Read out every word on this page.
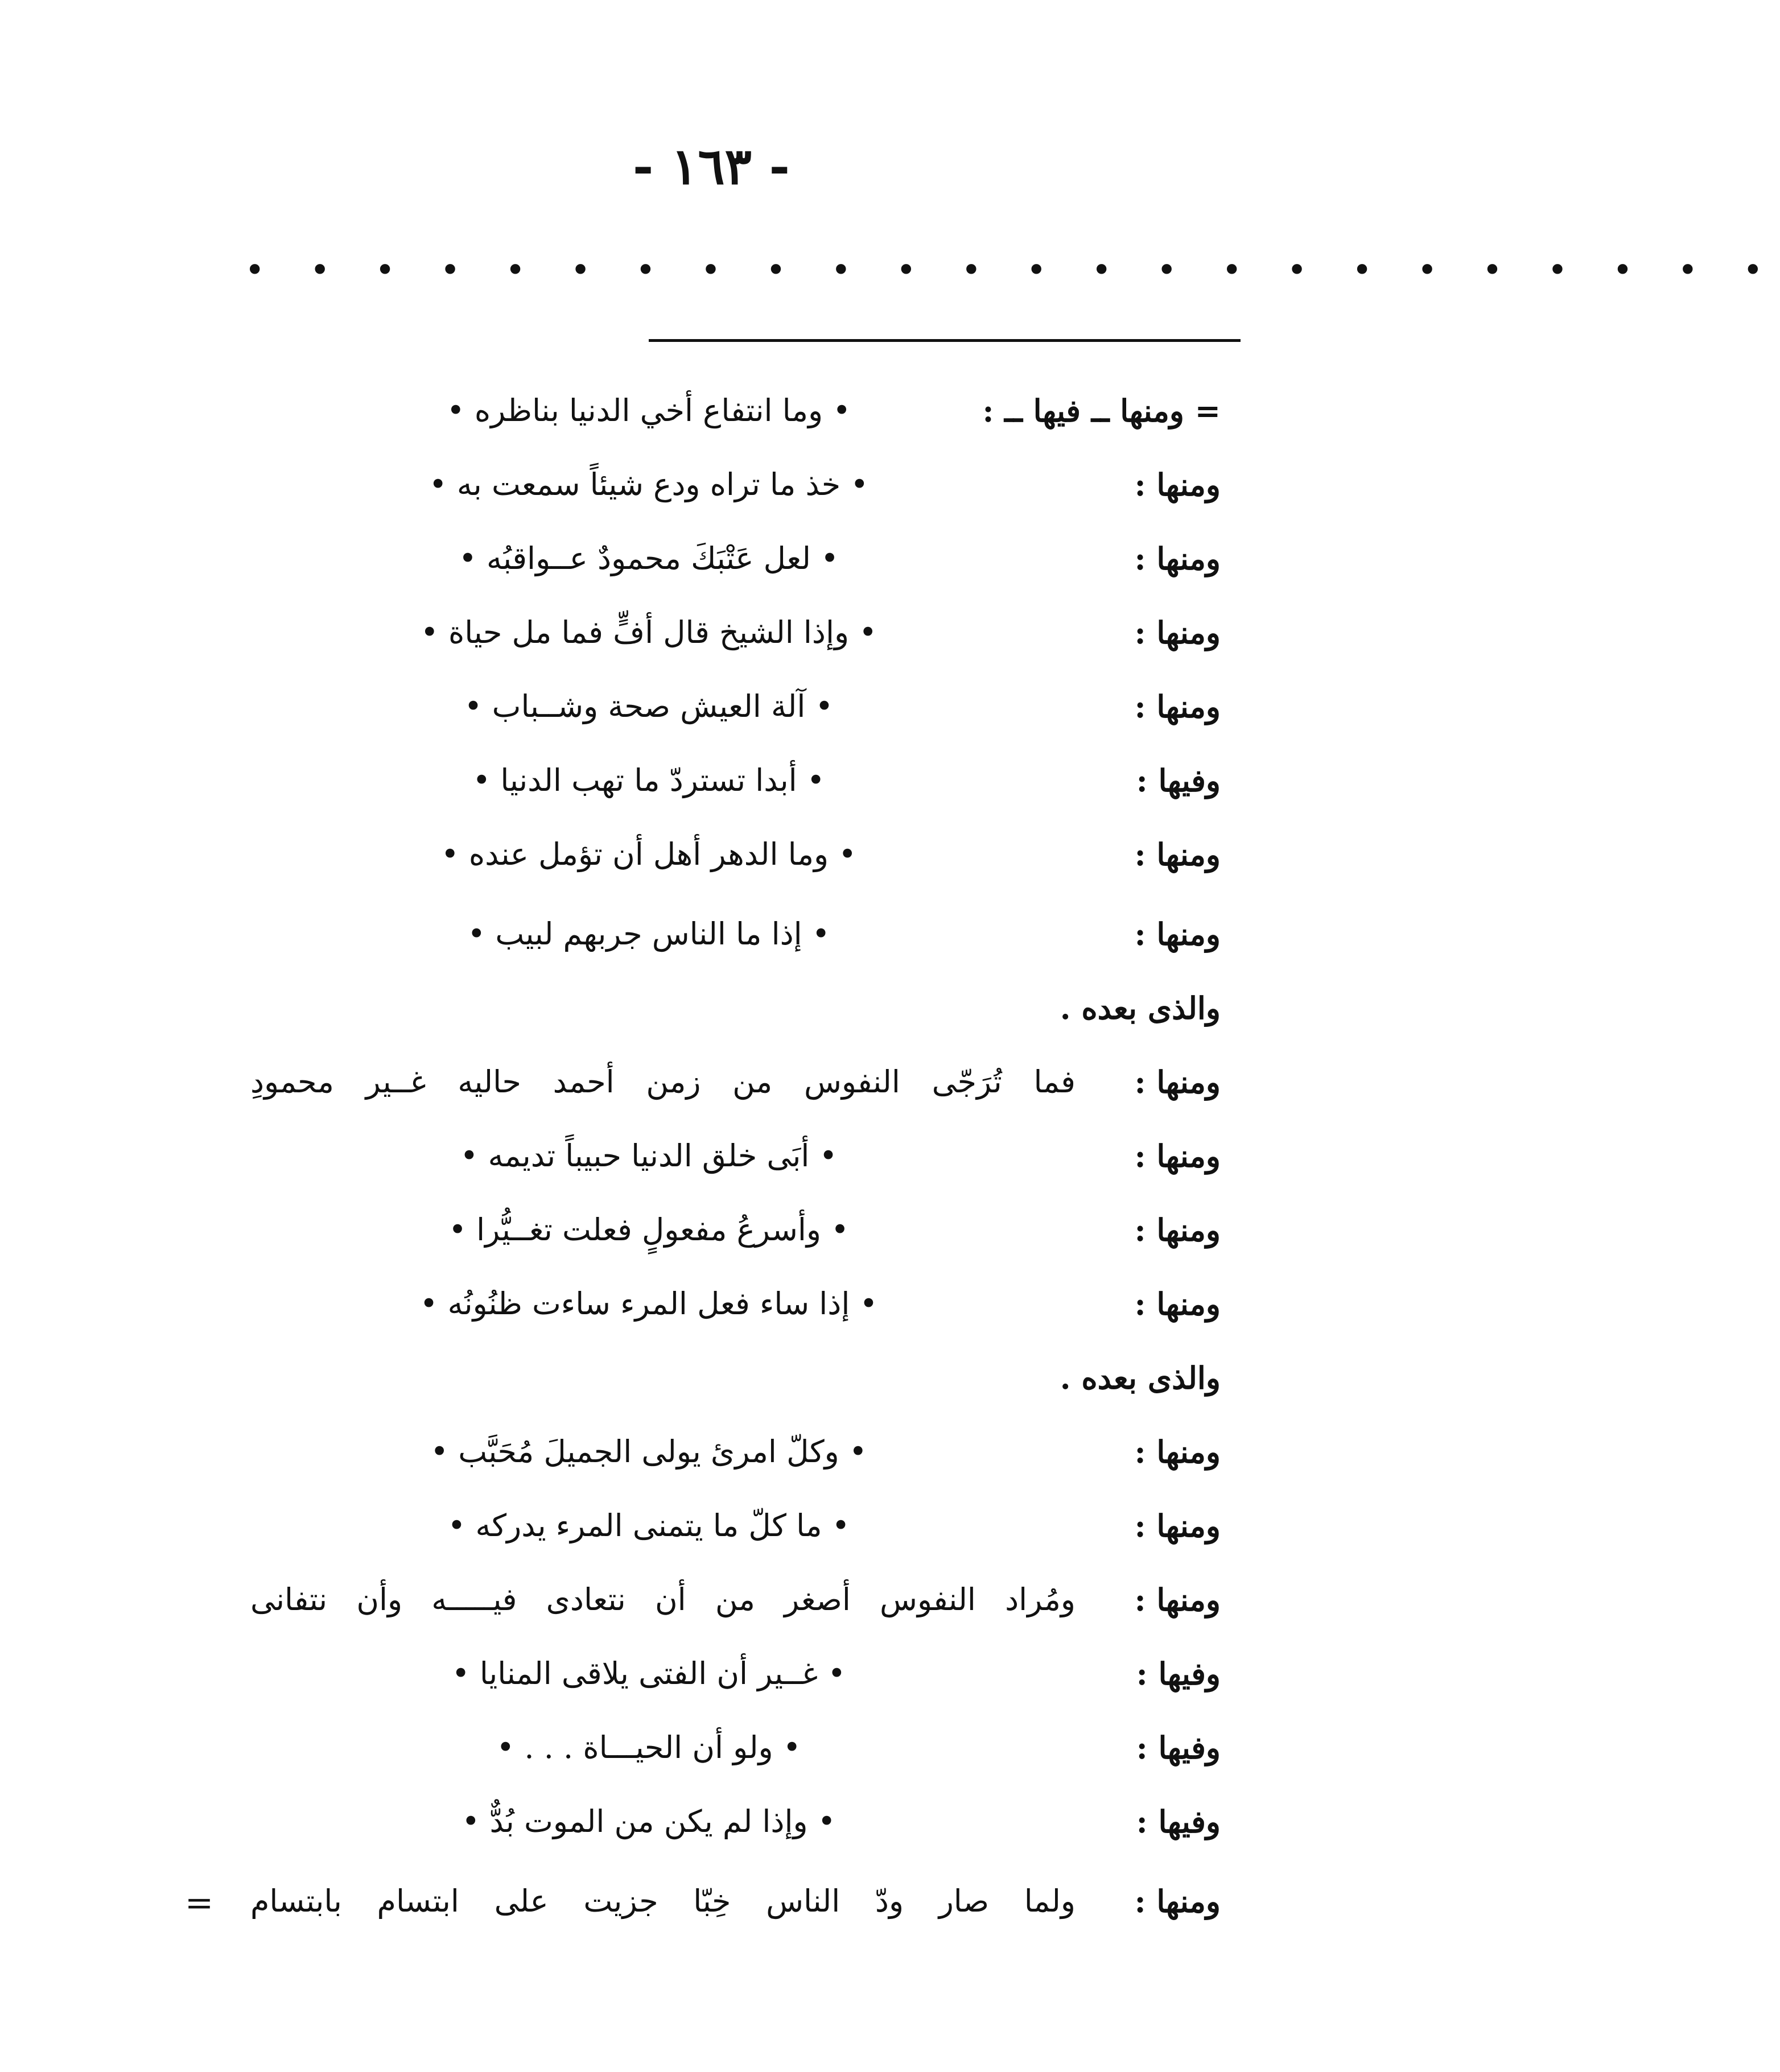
- ١٦٣ -
• • • • • • • • • • • • • • • • • • • • • • • •
= ومنها ــ فيها ــ :
• وما انتفاع أخي الدنيا بناظره •
ومنها :
• خذ ما تراه ودع شيئاً سمعت به •
ومنها :
• لعل عَتْبَكَ محمودٌ عــواقبُه •
ومنها :
• وإذا الشيخ قال أفٍّ فما مل حياة •
ومنها :
• آلة العيش صحة وشــباب •
وفيها :
• أبدا تستردّ ما تهب الدنيا •
ومنها :
• وما الدهر أهل أن تؤمل عنده •
ومنها :
• إذا ما الناس جربهم لبيب •
والذى بعده .
ومنها :
فما تُرَجّى النفوس من زمن أحمد حاليه غــير محمودِ
ومنها :
• أبَى خلق الدنيا حبيباً تديمه •
ومنها :
• وأسرعُ مفعولٍ فعلت تغــيُّرا •
ومنها :
• إذا ساء فعل المرء ساءت ظنُونُه •
والذى بعده .
ومنها :
• وكلّ امرئ يولى الجميلَ مُحَبَّب •
ومنها :
• ما كلّ ما يتمنى المرء يدركه •
ومنها :
ومُراد النفوس أصغر من أن نتعادى فيـــــه وأن نتفانى
وفيها :
• غــير أن الفتى يلاقى المنايا •
وفيها :
• ولو أن الحيـــاة . . . •
وفيها :
• وإذا لم يكن من الموت بُدٌّ •
ومنها :
ولما صار ودّ الناس خِبّا جزيت على ابتسام بابتسام
=
